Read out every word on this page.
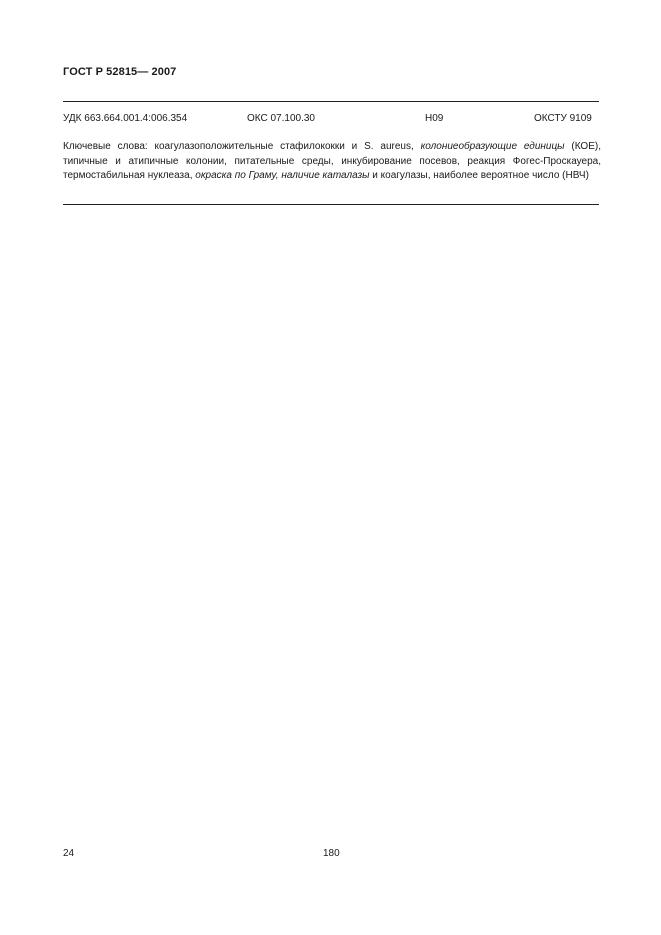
ГОСТ Р 52815— 2007
УДК 663.664.001.4:006.354	ОКС 07.100.30	Н09	ОКСТУ 9109
Ключевые слова: коагулазоположительные стафилококки и S. aureus, колониеобразующие единицы (КОЕ), типичные и атипичные колонии, питательные среды, инкубирование посевов, реакция Фогес-Проскауера, термостабильная нуклеаза, окраска по Граму, наличие каталазы и коагулазы, наиболее вероятное число (НВЧ)
24	180
